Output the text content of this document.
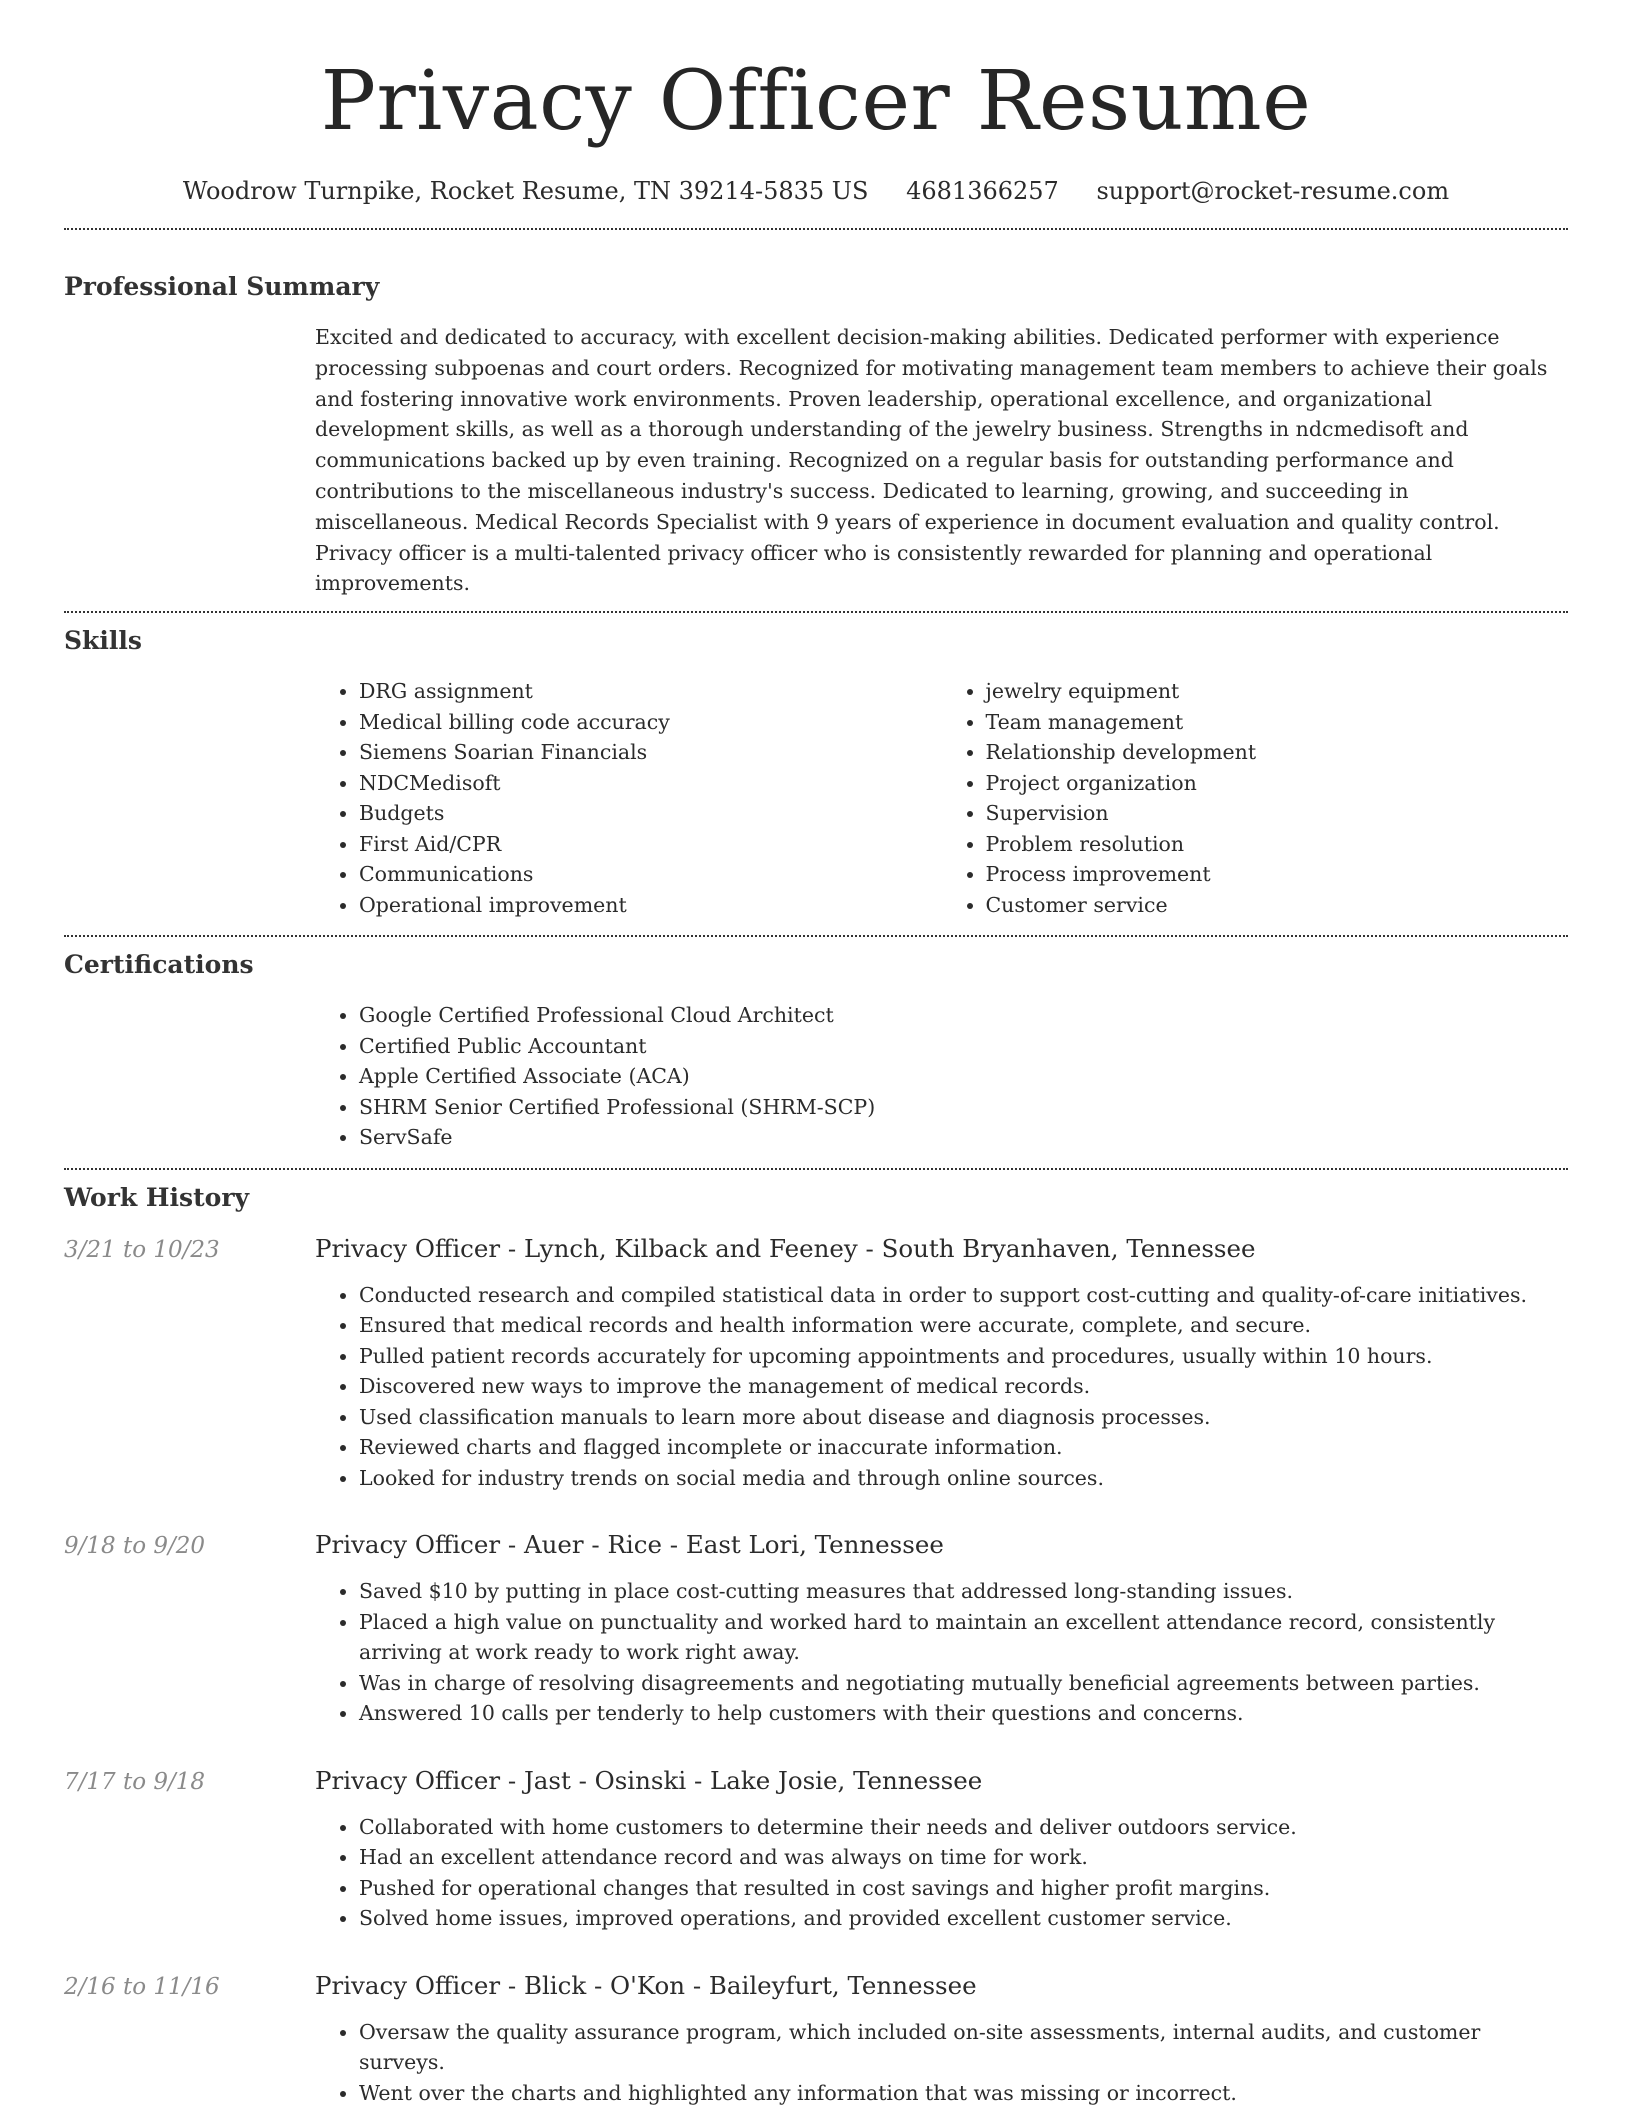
Privacy Officer Resume
Woodrow Turnpike, Rocket Resume, TN 39214-5835 US 4681366257 support@rocket-resume.com
Professional Summary
Excited and dedicated to accuracy, with excellent decision-making abilities. Dedicated performer with experience processing subpoenas and court orders. Recognized for motivating management team members to achieve their goals and fostering innovative work environments. Proven leadership, operational excellence, and organizational development skills, as well as a thorough understanding of the jewelry business. Strengths in ndcmedisoft and communications backed up by even training. Recognized on a regular basis for outstanding performance and contributions to the miscellaneous industry's success. Dedicated to learning, growing, and succeeding in miscellaneous. Medical Records Specialist with 9 years of experience in document evaluation and quality control. Privacy officer is a multi-talented privacy officer who is consistently rewarded for planning and operational improvements.
Skills
• DRG assignment
• Medical billing code accuracy
• Siemens Soarian Financials
• NDCMedisoft
• Budgets
• First Aid/CPR
• Communications
• Operational improvement
• jewelry equipment
• Team management
• Relationship development
• Project organization
• Supervision
• Problem resolution
• Process improvement
• Customer service
Certifications
• Google Certified Professional Cloud Architect
• Certified Public Accountant
• Apple Certified Associate (ACA)
• SHRM Senior Certified Professional (SHRM-SCP)
• ServSafe
Work History
3/21 to 10/23	Privacy Officer - Lynch, Kilback and Feeney - South Bryanhaven, Tennessee
• Conducted research and compiled statistical data in order to support cost-cutting and quality-of-care initiatives.
• Ensured that medical records and health information were accurate, complete, and secure.
• Pulled patient records accurately for upcoming appointments and procedures, usually within 10 hours.
• Discovered new ways to improve the management of medical records.
• Used classification manuals to learn more about disease and diagnosis processes.
• Reviewed charts and flagged incomplete or inaccurate information.
• Looked for industry trends on social media and through online sources.
9/18 to 9/20	Privacy Officer - Auer - Rice - East Lori, Tennessee
• Saved $10 by putting in place cost-cutting measures that addressed long-standing issues.
• Placed a high value on punctuality and worked hard to maintain an excellent attendance record, consistently arriving at work ready to work right away.
• Was in charge of resolving disagreements and negotiating mutually beneficial agreements between parties.
• Answered 10 calls per tenderly to help customers with their questions and concerns.
7/17 to 9/18	Privacy Officer - Jast - Osinski - Lake Josie, Tennessee
• Collaborated with home customers to determine their needs and deliver outdoors service.
• Had an excellent attendance record and was always on time for work.
• Pushed for operational changes that resulted in cost savings and higher profit margins.
• Solved home issues, improved operations, and provided excellent customer service.
2/16 to 11/16	Privacy Officer - Blick - O'Kon - Baileyfurt, Tennessee
• Oversaw the quality assurance program, which included on-site assessments, internal audits, and customer surveys.
• Went over the charts and highlighted any information that was missing or incorrect.
